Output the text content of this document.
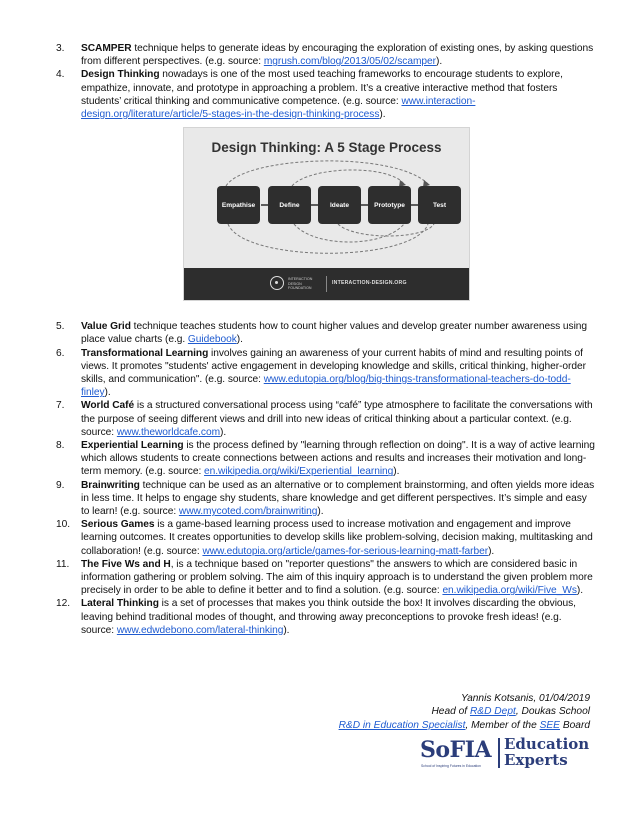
3. SCAMPER technique helps to generate ideas by encouraging the exploration of existing ones, by asking questions from different perspectives. (e.g. source: mgrush.com/blog/2013/05/02/scamper).
4. Design Thinking nowadays is one of the most used teaching frameworks to encourage students to explore, empathize, innovate, and prototype in approaching a problem. It’s a creative interactive method that fosters students’ critical thinking and communicative competence. (e.g. source: www.interaction-design.org/literature/article/5-stages-in-the-design-thinking-process).
Design Thinking: A 5 Stage Process
Empathise	Define	Ideate	Prototype	Test
INTERACTION DESIGN FOUNDATION
INTERACTION-DESIGN.ORG
5. Value Grid technique teaches students how to count higher values and develop greater number awareness using place value charts (e.g. Guidebook).
6. Transformational Learning involves gaining an awareness of your current habits of mind and resulting points of views. It promotes "students' active engagement in developing knowledge and skills, critical thinking, higher-order skills, and communication". (e.g. source: www.edutopia.org/blog/big-things-transformational-teachers-do-todd-finley).
7. World Café is a structured conversational process using “café” type atmosphere to facilitate the conversations with the purpose of seeing different views and drill into new ideas of critical thinking about a particular context. (e.g. source: www.theworldcafe.com).
8. Experiential Learning is the process defined by "learning through reflection on doing". It is a way of active learning which allows students to create connections between actions and results and increases their motivation and long-term memory. (e.g. source: en.wikipedia.org/wiki/Experiential_learning).
9. Brainwriting technique can be used as an alternative or to complement brainstorming, and often yields more ideas in less time. It helps to engage shy students, share knowledge and get different perspectives. It’s simple and easy to learn! (e.g. source: www.mycoted.com/brainwriting).
10. Serious Games is a game-based learning process used to increase motivation and engagement and improve learning outcomes. It creates opportunities to develop skills like problem-solving, decision making, multitasking and collaboration! (e.g. source: www.edutopia.org/article/games-for-serious-learning-matt-farber).
11. The Five Ws and H, is a technique based on "reporter questions" the answers to which are considered basic in information gathering or problem solving. The aim of this inquiry approach is to understand the given problem more precisely in order to be able to define it better and to find a solution. (e.g. source: en.wikipedia.org/wiki/Five_Ws).
12. Lateral Thinking is a set of processes that makes you think outside the box! It involves discarding the obvious, leaving behind traditional modes of thought, and throwing away preconceptions to provoke fresh ideas! (e.g. source: www.edwdebono.com/lateral-thinking).
Yannis Kotsanis, 01/04/2019
Head of R&D Dept, Doukas School
R&D in Education Specialist, Member of the SEE Board
SoFIA
School of Inspiring Futures in Education
Education
Experts
